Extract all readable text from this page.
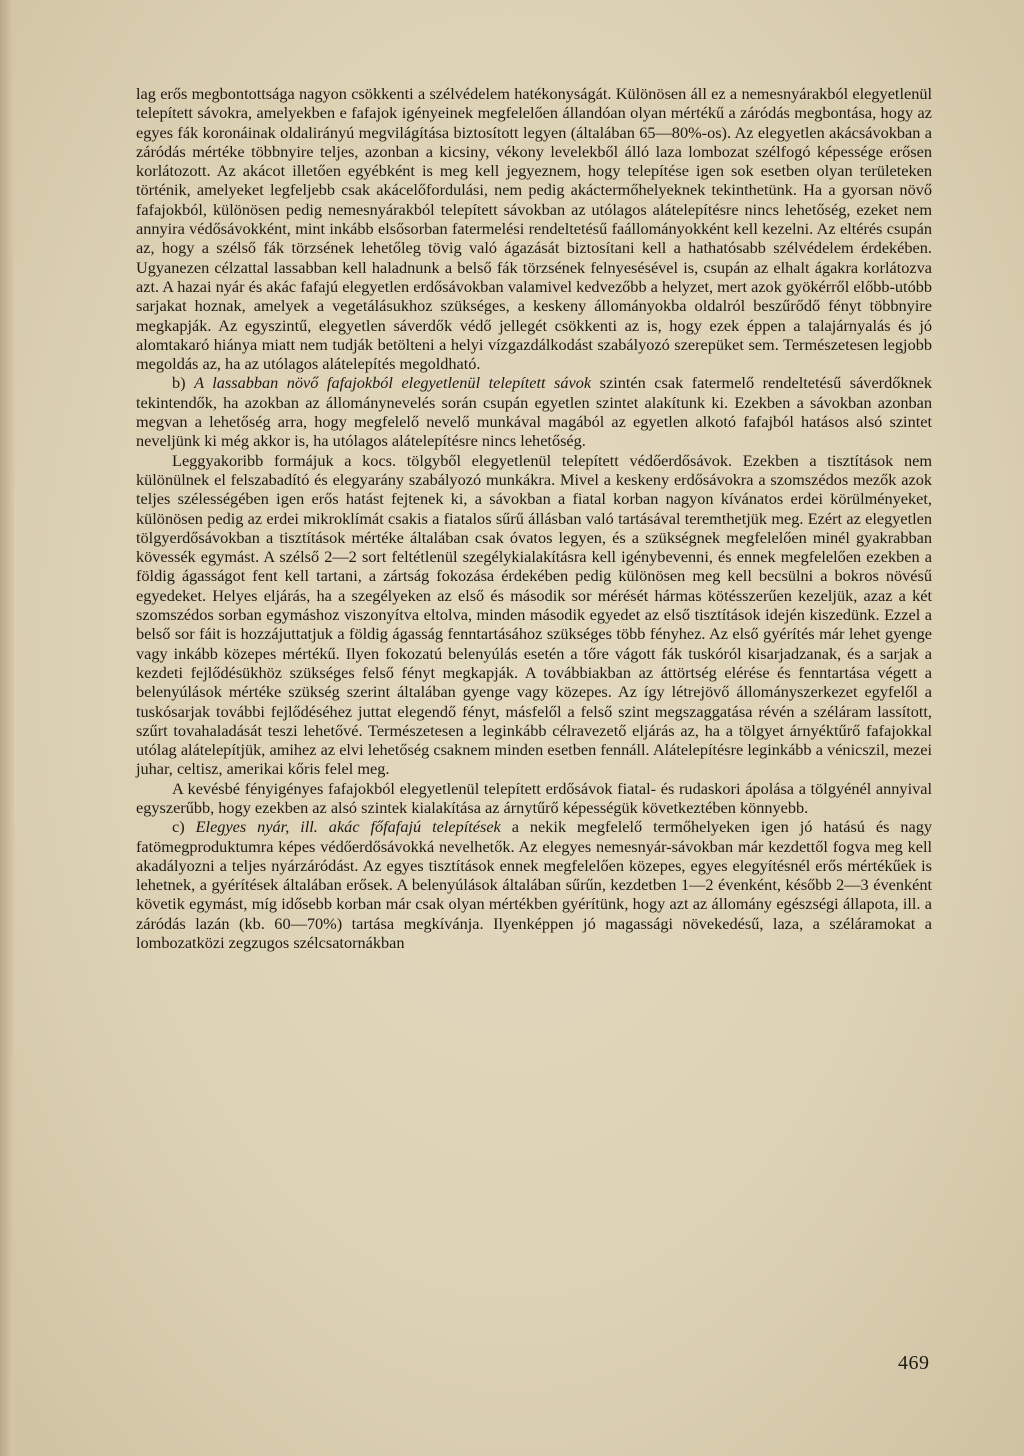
lag erős megbontottsága nagyon csökkenti a szélvédelem hatékonyságát. Különösen áll ez a nemesnyárakból elegyetlenül telepített sávokra, amelyekben e fafajok igényeinek megfelelően állandóan olyan mértékű a záródás megbontása, hogy az egyes fák koronáinak oldalirányú megvilágítása biztosított legyen (általában 65—80%-os). Az elegyetlen akácsávokban a záródás mértéke többnyire teljes, azonban a kicsiny, vékony levelekből álló laza lombozat szélfogó képessége erősen korlátozott. Az akácot illetően egyébként is meg kell jegyeznem, hogy telepítése igen sok esetben olyan területeken történik, amelyeket legfeljebb csak akácelőfordulási, nem pedig akáctermőhelyeknek tekinthetünk. Ha a gyorsan növő fafajokból, különösen pedig nemesnyárakból telepített sávokban az utólagos alátelepítésre nincs lehetőség, ezeket nem annyira védősávokként, mint inkább elsősorban fatermelési rendeltetésű faállományokként kell kezelni. Az eltérés csupán az, hogy a szélső fák törzsének lehetőleg tövig való ágazását biztosítani kell a hathatósabb szélvédelem érdekében. Ugyanezen célzattal lassabban kell haladnunk a belső fák törzsének felnyesésével is, csupán az elhalt ágakra korlátozva azt. A hazai nyár és akác fafajú elegyetlen erdősávokban valamivel kedvezőbb a helyzet, mert azok gyökérről előbb-utóbb sarjakat hoznak, amelyek a vegetálásukhoz szükséges, a keskeny állományokba oldalról beszűrődő fényt többnyire megkapják. Az egyszintű, elegyetlen sáverdők védő jellegét csökkenti az is, hogy ezek éppen a talajárnyalás és jó alomtakaró hiánya miatt nem tudják betölteni a helyi vízgazdálkodást szabályozó szerepüket sem. Természetesen legjobb megoldás az, ha az utólagos alátelepítés megoldható.

b) A lassabban növő fafajokból elegyetlenül telepített sávok szintén csak fatermelő rendeltetésű sáverdőknek tekintendők, ha azokban az állománynevelés során csupán egyetlen szintet alakítunk ki. Ezekben a sávokban azonban megvan a lehetőség arra, hogy megfelelő nevelő munkával magából az egyetlen alkotó fafajból hatásos alsó szintet neveljünk ki még akkor is, ha utólagos alátelepítésre nincs lehetőség.

Leggyakoribb formájuk a kocs. tölgyből elegyetlenül telepített védőerdősávok. Ezekben a tisztítások nem különülnek el felszabadító és elegyarány szabályozó munkákra. Mivel a keskeny erdősávokra a szomszédos mezők azok teljes szélességében igen erős hatást fejtenek ki, a sávokban a fiatal korban nagyon kívánatos erdei körülményeket, különösen pedig az erdei mikroklímát csakis a fiatalos sűrű állásban való tartásával teremthetjük meg. Ezért az elegyetlen tölgyerdősávokban a tisztítások mértéke általában csak óvatos legyen, és a szükségnek megfelelően minél gyakrabban kövessék egymást. A szélső 2—2 sort feltétlenül szegélykialakításra kell igénybevenni, és ennek megfelelően ezekben a földig ágasságot fent kell tartani, a zártság fokozása érdekében pedig különösen meg kell becsülni a bokros növésű egyedeket. Helyes eljárás, ha a szegélyeken az első és második sor mérését hármas kötésszerűen kezeljük, azaz a két szomszédos sorban egymáshoz viszonyítva eltolva, minden második egyedet az első tisztítások idején kiszedünk. Ezzel a belső sor fáit is hozzájuttatjuk a földig ágasság fenntartásához szükséges több fényhez. Az első gyérítés már lehet gyenge vagy inkább közepes mértékű. Ilyen fokozatú belenyúlás esetén a tőre vágott fák tuskóról kisarjadzanak, és a sarjak a kezdeti fejlődésükhöz szükséges felső fényt megkapják. A továbbiakban az áttörtség elérése és fenntartása végett a belenyúlások mértéke szükség szerint általában gyenge vagy közepes. Az így létrejövő állományszerkezet egyfelől a tuskósarjak további fejlődéséhez juttat elegendő fényt, másfelől a felső szint megszaggatása révén a széláram lassított, szűrt tovahaladását teszi lehetővé. Természetesen a leginkább célravezető eljárás az, ha a tölgyet árnyéktűrő fafajokkal utólag alátelepítjük, amihez az elvi lehetőség csaknem minden esetben fennáll. Alátelepítésre leginkább a vénicszil, mezei juhar, celtisz, amerikai kőris felel meg.

A kevésbé fényigényes fafajokból elegyetlenül telepített erdősávok fiatal- és rudaskori ápolása a tölgyénél annyival egyszerűbb, hogy ezekben az alsó szintek kialakítása az árnytűrő képességük következtében könnyebb.

c) Elegyes nyár, ill. akác főfafajú telepítések a nekik megfelelő termőhelyeken igen jó hatású és nagy fatömegproduktumra képes védőerdősávokká nevelhetők. Az elegyes nemesnyár-sávokban már kezdettől fogva meg kell akadályozni a teljes nyárzáródást. Az egyes tisztítások ennek megfelelően közepes, egyes elegyítésnél erős mértékűek is lehetnek, a gyérítések általában erősek. A belenyúlások általában sűrűn, kezdetben 1—2 évenként, később 2—3 évenként követik egymást, míg idősebb korban már csak olyan mértékben gyérítünk, hogy azt az állomány egészségi állapota, ill. a záródás lazán (kb. 60—70%) tartása megkívánja. Ilyenképpen jó magassági növekedésű, laza, a széláramokat a lombozatközi zegzugos szélcsatornákban

469
